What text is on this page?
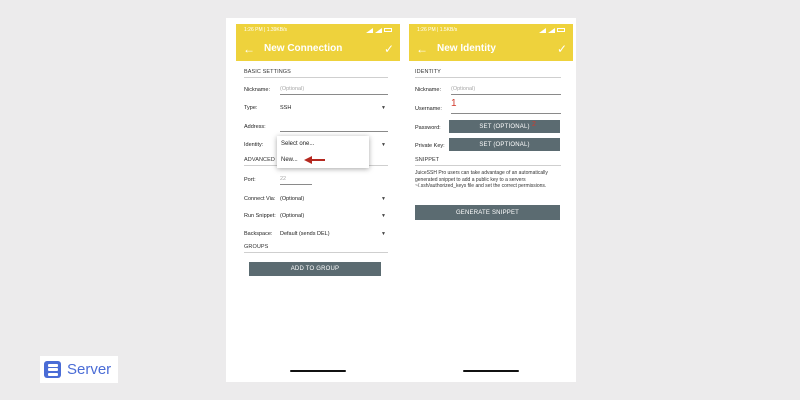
1:26 PM | 1.39KB/s
← New Connection	✓
BASIC SETTINGS
Nickname:	(Optional)
Type:	SSH	▼
Address:
Identity:	▼
ADVANCED
Port:	22
Connect Via: (Optional)	▼
Run Snippet: (Optional)	▼
Backspace:	Default (sends DEL)	▼
GROUPS
ADD TO GROUP
Select one...
New...
1:26 PM | 1.5KB/s
← New Identity	✓
IDENTITY
Nickname:	(Optional)
Username: 1
Password:	SET (OPTIONAL) 2
Private Key:	SET (OPTIONAL)
SNIPPET
JuiceSSH Pro users can take advantage of an automatically generated snippet to add a public key to a servers ~/.ssh/authorized_keys file and set the correct permissions.
GENERATE SNIPPET
Server
